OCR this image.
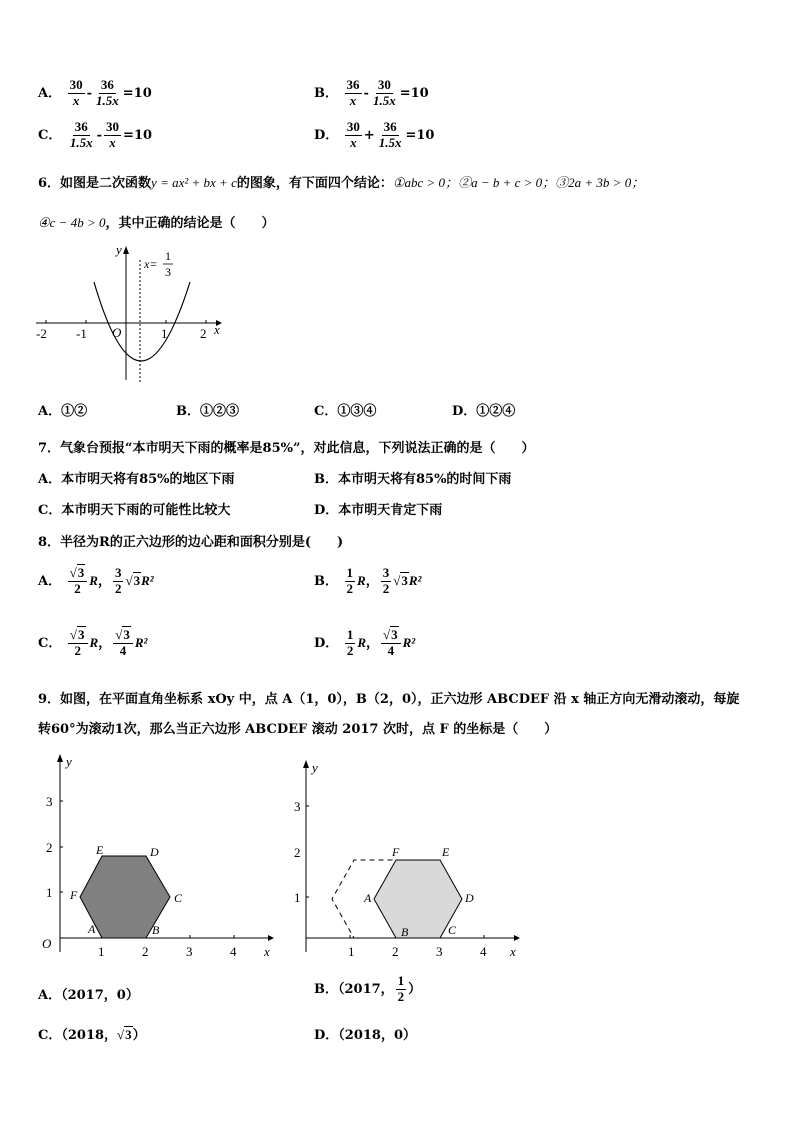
A． $\frac{30}{x} - \frac{36}{1.5x} =10$	B． $\frac{36}{x} - \frac{30}{1.5x} =10$
C． $\frac{36}{1.5x} - \frac{30}{x} =10$	D． $\frac{30}{x} + \frac{36}{1.5x} =10$
6．如图是二次函数y = ax² + bx + c的图象，有下面四个结论：①abc > 0；②a − b + c > 0；③2a + 3b > 0；
④c − 4b > 0，其中正确的结论是（　　）
-2 -1 O	1	2 x
y
x=
1
3
A．①②	B．①②③	C．①③④	D．①②④
7．气象台预报“本市明天下雨的概率是85%”，对此信息，下列说法正确的是（　　）
A．本市明天将有85%的地区下雨	B．本市明天将有85%的时间下雨
C．本市明天下雨的可能性比较大	D．本市明天肯定下雨
8．半径为R的正六边形的边心距和面积分别是(　　)
A． $\frac{√3}{2}$ R， $\frac{3}{2} √3R^2$	B． $\frac{1}{2}$ R， $\frac{3}{2} √3R^2$
C． $\frac{√3}{2}$ R， $\frac{√3}{4} R^2$	D． $\frac{1}{2}$ R， $\frac{√3}{4} R^2$
9．如图，在平面直角坐标系 xOy 中，点 A（1，0），B（2，0），正六边形 ABCDEF 沿 x 轴正方向无滑动滚动，每旋
转60°为滚动1次，那么当正六边形 ABCDEF 滚动 2017 次时，点 F 的坐标是（　　）
O
1	2	3	4 x
1
2
3
y
A	B
C
D
E
F
1	2	3	4 x
1
2
3
y
A
B	C
D
E
F
A．（2017，0）	B．（2017， $\frac{1}{2}$ ）
C．（2018，√3）	D．（2018，0）
